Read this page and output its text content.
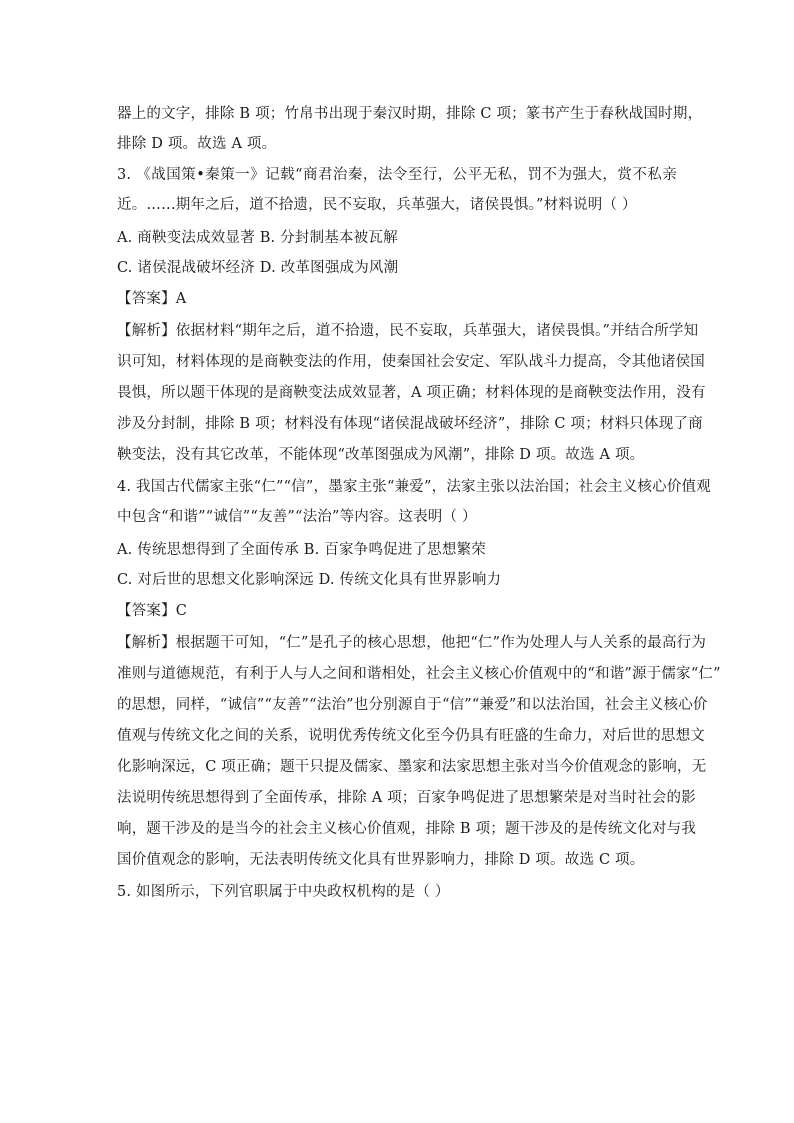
器上的文字，排除 B 项；竹帛书出现于秦汉时期，排除 C 项；篆书产生于春秋战国时期，
排除 D 项。故选 A 项。
3. 《战国策•秦策一》记载“商君治秦，法令至行，公平无私，罚不为强大，赏不私亲
近。……期年之后，道不拾遗，民不妄取，兵革强大，诸侯畏惧。”材料说明（ ）
A. 商鞅变法成效显著 B. 分封制基本被瓦解
C. 诸侯混战破坏经济 D. 改革图强成为风潮
【答案】A
【解析】依据材料“期年之后，道不拾遗，民不妄取，兵革强大，诸侯畏惧。”并结合所学知
识可知，材料体现的是商鞅变法的作用，使秦国社会安定、军队战斗力提高，令其他诸侯国
畏惧，所以题干体现的是商鞅变法成效显著，A 项正确；材料体现的是商鞅变法作用，没有
涉及分封制，排除 B 项；材料没有体现“诸侯混战破坏经济”，排除 C 项；材料只体现了商
鞅变法，没有其它改革，不能体现“改革图强成为风潮”，排除 D 项。故选 A 项。
4. 我国古代儒家主张“仁”“信”，墨家主张“兼爱”，法家主张以法治国；社会主义核心价值观
中包含“和谐”“诚信”“友善”“法治”等内容。这表明（ ）
A. 传统思想得到了全面传承 B. 百家争鸣促进了思想繁荣
C. 对后世的思想文化影响深远 D. 传统文化具有世界影响力
【答案】C
【解析】根据题干可知，“仁”是孔子的核心思想，他把“仁”作为处理人与人关系的最高行为
准则与道德规范，有利于人与人之间和谐相处，社会主义核心价值观中的“和谐”源于儒家“仁”
的思想，同样，“诚信”“友善”“法治”也分别源自于“信”“兼爱”和以法治国，社会主义核心价
值观与传统文化之间的关系，说明优秀传统文化至今仍具有旺盛的生命力，对后世的思想文
化影响深远，C 项正确；题干只提及儒家、墨家和法家思想主张对当今价值观念的影响，无
法说明传统思想得到了全面传承，排除 A 项；百家争鸣促进了思想繁荣是对当时社会的影
响，题干涉及的是当今的社会主义核心价值观，排除 B 项；题干涉及的是传统文化对与我
国价值观念的影响，无法表明传统文化具有世界影响力，排除 D 项。故选 C 项。
5. 如图所示，下列官职属于中央政权机构的是（ ）
